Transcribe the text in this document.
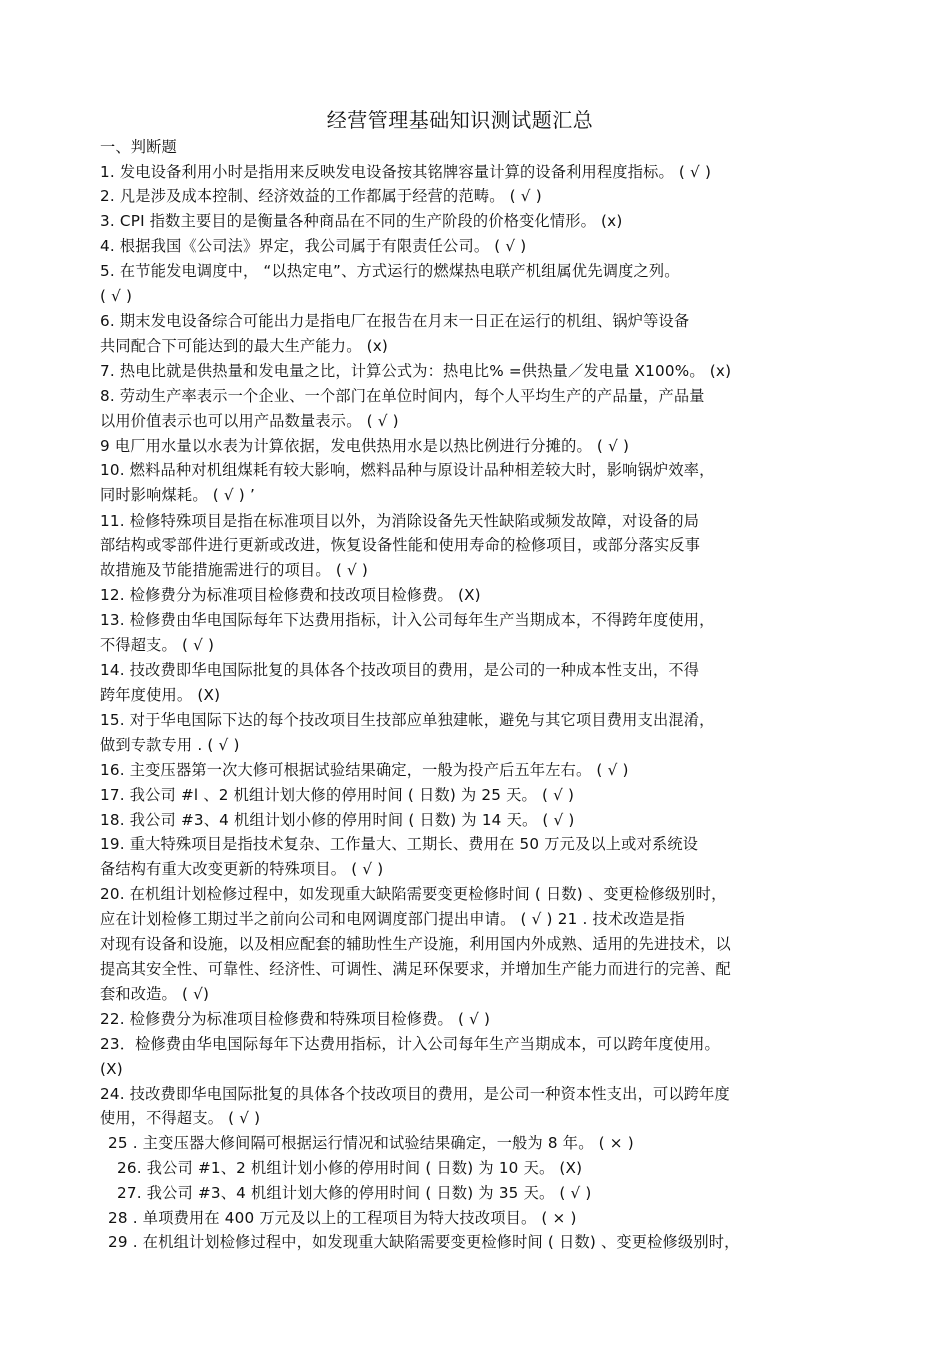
经营管理基础知识测试题汇总
一、判断题
1. 发电设备利用小时是指用来反映发电设备按其铭牌容量计算的设备利用程度指标。 ( √ )
2. 凡是涉及成本控制、经济效益的工作都属于经营的范畴。 ( √ )
3. CPI 指数主要目的是衡量各种商品在不同的生产阶段的价格变化情形。 (x)
4. 根据我国《公司法》界定，我公司属于有限责任公司。 ( √ )
5. 在节能发电调度中， “以热定电”、方式运行的燃煤热电联产机组属优先调度之列。
( √ )
6. 期末发电设备综合可能出力是指电厂在报告在月末一日正在运行的机组、锅炉等设备
共同配合下可能达到的最大生产能力。 (x)
7. 热电比就是供热量和发电量之比，计算公式为：热电比% =供热量／发电量 X100%。 (x)
8. 劳动生产率表示一个企业、一个部门在单位时间内，每个人平均生产的产品量，产品量
以用价值表示也可以用产品数量表示。 ( √ )
9 电厂用水量以水表为计算依据，发电供热用水是以热比例进行分摊的。 ( √ )
10. 燃料品种对机组煤耗有较大影响，燃料品种与原设计品种相差较大时，影响锅炉效率，
同时影响煤耗。 ( √ ) ’
11. 检修特殊项目是指在标准项目以外，为消除设备先天性缺陷或频发故障，对设备的局
部结构或零部件进行更新或改进，恢复设备性能和使用寿命的检修项目，或部分落实反事
故措施及节能措施需进行的项目。 ( √ )
12. 检修费分为标准项目检修费和技改项目检修费。 (X)
13. 检修费由华电国际每年下达费用指标，计入公司每年生产当期成本，不得跨年度使用，
不得超支。 ( √ )
14. 技改费即华电国际批复的具体各个技改项目的费用，是公司的一种成本性支出，不得
跨年度使用。 (X)
15. 对于华电国际下达的每个技改项目生技部应单独建帐，避免与其它项目费用支出混淆，
做到专款专用 . ( √ )
16. 主变压器第一次大修可根据试验结果确定，一般为投产后五年左右。 ( √ )
17. 我公司 #l 、2 机组计划大修的停用时间 ( 日数) 为 25 天。 ( √ )
18. 我公司 #3、4 机组计划小修的停用时间 ( 日数) 为 14 天。 ( √ )
19. 重大特殊项目是指技术复杂、工作量大、工期长、费用在 50 万元及以上或对系统设
备结构有重大改变更新的特殊项目。 ( √ )
20. 在机组计划检修过程中，如发现重大缺陷需要变更检修时间 ( 日数) 、变更检修级别时，
应在计划检修工期过半之前向公司和电网调度部门提出申请。 ( √ ) 21 . 技术改造是指
对现有设备和设施，以及相应配套的辅助性生产设施，利用国内外成熟、适用的先进技术，以
提高其安全性、可靠性、经济性、可调性、满足环保要求，并增加生产能力而进行的完善、配
套和改造。 ( √)
22. 检修费分为标准项目检修费和特殊项目检修费。 ( √ )
23．检修费由华电国际每年下达费用指标，计入公司每年生产当期成本，可以跨年度使用。
(X)
24. 技改费即华电国际批复的具体各个技改项目的费用，是公司一种资本性支出，可以跨年度
使用，不得超支。 ( √ )
25 . 主变压器大修间隔可根据运行情况和试验结果确定，一般为 8 年。 ( × )
26. 我公司 #1、2 机组计划小修的停用时间 ( 日数) 为 10 天。 (X)
27. 我公司 #3、4 机组计划大修的停用时间 ( 日数) 为 35 天。 ( √ )
28 . 单项费用在 400 万元及以上的工程项目为特大技改项目。 ( × )
29 . 在机组计划检修过程中，如发现重大缺陷需要变更检修时间 ( 日数) 、变更检修级别时，
